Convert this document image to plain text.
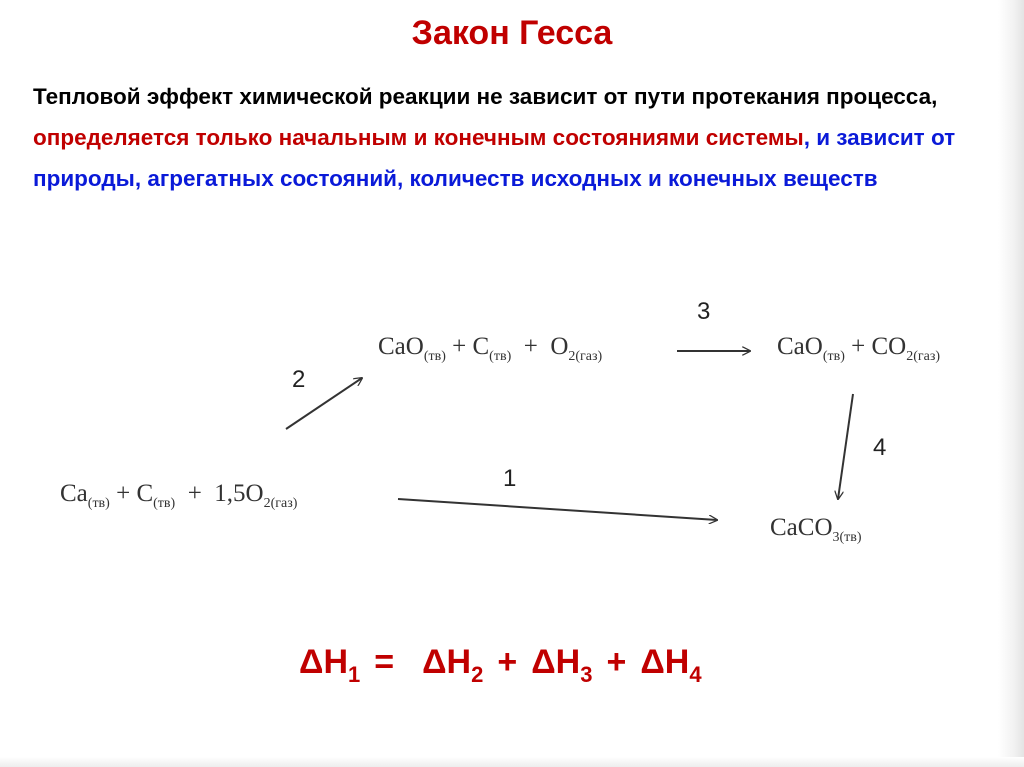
Закон Гесса
Тепловой эффект химической реакции не зависит от пути протекания процесса, определяется только начальным и конечным состояниями системы, и зависит от природы, агрегатных состояний, количеств исходных и конечных веществ
$CaO_{(тв)} + C_{(тв)} + O_{2(газ)}$	$CaO_{(тв)} + CO_{2(газ)}$
$Ca_{(тв)} + C_{(тв)} + 1,5O_{2(газ)}$
CaCO$_{3(тв)}$
2
3
4
1
$\Delta H_1 = \Delta H_2 + \Delta H_3 + \Delta H_4$
